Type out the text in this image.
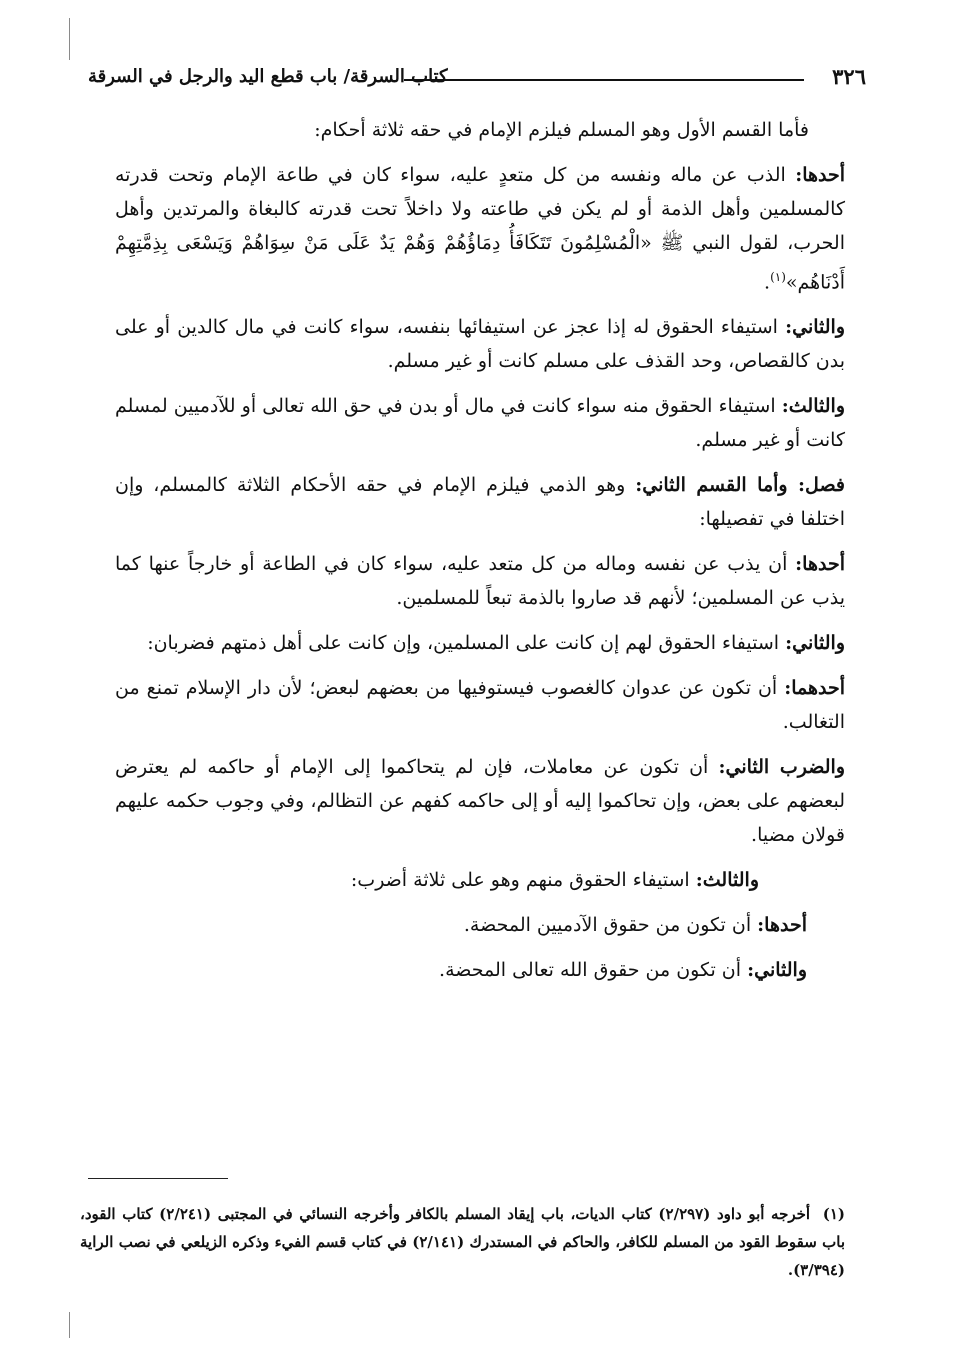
٣٢٦
كتاب السرقة/ باب قطع اليد والرجل في السرقة

فأما القسم الأول وهو المسلم فيلزم الإمام في حقه ثلاثة أحكام:

أحدها: الذب عن ماله ونفسه من كل متعدٍ عليه، سواء كان في طاعة الإمام وتحت قدرته كالمسلمين وأهل الذمة أو لم يكن في طاعته ولا داخلاً تحت قدرته كالبغاة والمرتدين وأهل الحرب، لقول النبي ﷺ «الْمُسْلِمُونَ تَتَكَافَأُ دِمَاؤُهُمْ وَهُمْ يَدٌ عَلَى مَنْ سِوَاهُمْ وَيَسْعَى بِذِمَّتِهِمْ أَدْنَاهُم»$^{(١)}$.

والثاني: استيفاء الحقوق له إذا عجز عن استيفائها بنفسه، سواء كانت في مال كالدين أو على بدن كالقصاص، وحد القذف على مسلم كانت أو غير مسلم.

والثالث: استيفاء الحقوق منه سواء كانت في مال أو بدن في حق الله تعالى أو للآدميين لمسلم كانت أو غير مسلم.

فصل: وأما القسم الثاني: وهو الذمي فيلزم الإمام في حقه الأحكام الثلاثة كالمسلم، وإن اختلفا في تفصيلها:

أحدها: أن يذب عن نفسه وماله من كل متعد عليه، سواء كان في الطاعة أو خارجاً عنها كما يذب عن المسلمين؛ لأنهم قد صاروا بالذمة تبعاً للمسلمين.

والثاني: استيفاء الحقوق لهم إن كانت على المسلمين، وإن كانت على أهل ذمتهم فضربان:

أحدهما: أن تكون عن عدوان كالغصوب فيستوفيها من بعضهم لبعض؛ لأن دار الإسلام تمنع من التغالب.

والضرب الثاني: أن تكون عن معاملات، فإن لم يتحاكموا إلى الإمام أو حاكمه لم يعترض لبعضهم على بعض، وإن تحاكموا إليه أو إلى حاكمه كفهم عن التظالم، وفي وجوب حكمه عليهم قولان مضيا.

والثالث: استيفاء الحقوق منهم وهو على ثلاثة أضرب:

أحدها: أن تكون من حقوق الآدميين المحضة.

والثاني: أن تكون من حقوق الله تعالى المحضة.

(١) أخرجه أبو داود (٢/٢٩٧) كتاب الديات، باب إيقاد المسلم بالكافر وأخرجه النسائي في المجتبى (٢/٢٤١) كتاب القود، باب سقوط القود من المسلم للكافر، والحاكم في المستدرك (٢/١٤١) في كتاب قسم الفيء وذكره الزيلعي في نصب الراية (٣/٣٩٤).
